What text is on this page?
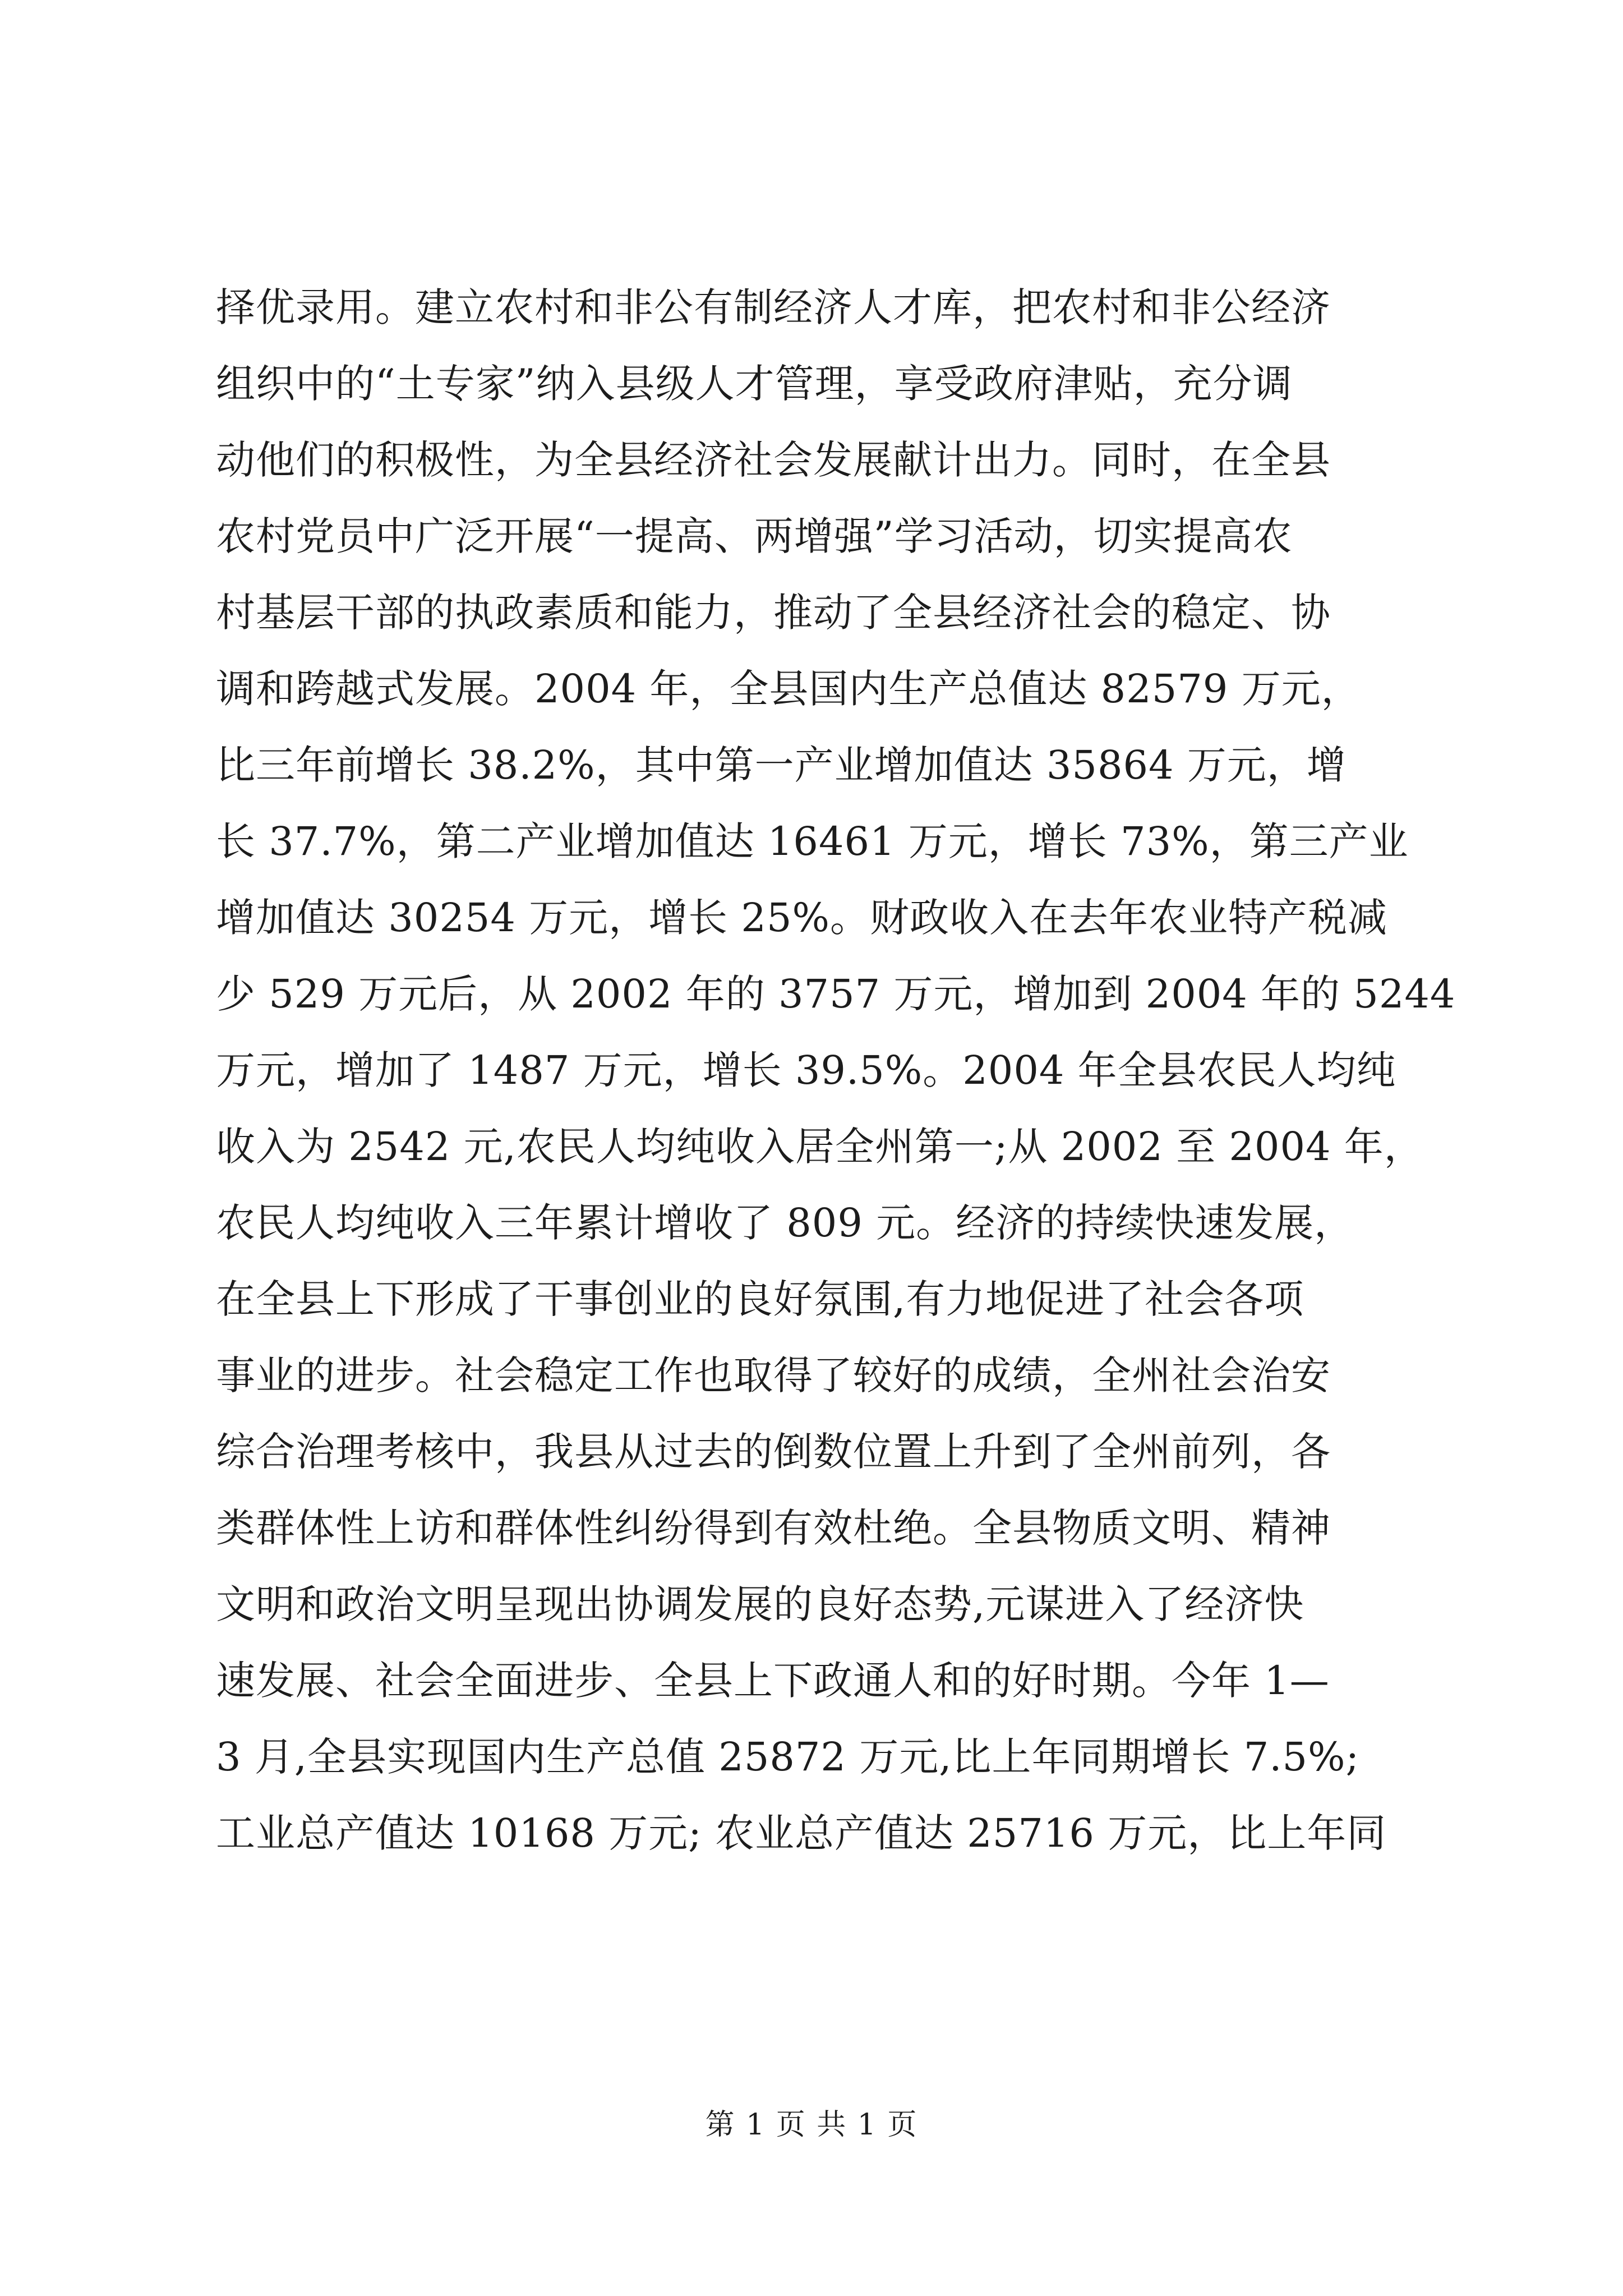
择优录用。建立农村和非公有制经济人才库，把农村和非公经济
组织中的“土专家”纳入县级人才管理，享受政府津贴，充分调
动他们的积极性，为全县经济社会发展献计出力。同时，在全县
农村党员中广泛开展“一提高、两增强”学习活动，切实提高农
村基层干部的执政素质和能力，推动了全县经济社会的稳定、协
调和跨越式发展。2004 年，全县国内生产总值达 82579 万元，
比三年前增长 38.2%，其中第一产业增加值达 35864 万元，增
长 37.7%，第二产业增加值达 16461 万元，增长 73%，第三产业
增加值达 30254 万元，增长 25%。财政收入在去年农业特产税减
少 529 万元后，从 2002 年的 3757 万元，增加到 2004 年的 5244
万元，增加了 1487 万元，增长 39.5%。2004 年全县农民人均纯
收入为 2542 元,农民人均纯收入居全州第一;从 2002 至 2004 年，
农民人均纯收入三年累计增收了 809 元。经济的持续快速发展，
在全县上下形成了干事创业的良好氛围,有力地促进了社会各项
事业的进步。社会稳定工作也取得了较好的成绩，全州社会治安
综合治理考核中，我县从过去的倒数位置上升到了全州前列，各
类群体性上访和群体性纠纷得到有效杜绝。全县物质文明、精神
文明和政治文明呈现出协调发展的良好态势,元谋进入了经济快
速发展、社会全面进步、全县上下政通人和的好时期。今年 1—
3 月,全县实现国内生产总值 25872 万元,比上年同期增长 7.5%;
工业总产值达 10168 万元; 农业总产值达 25716 万元，比上年同
第 1 页 共 1 页
